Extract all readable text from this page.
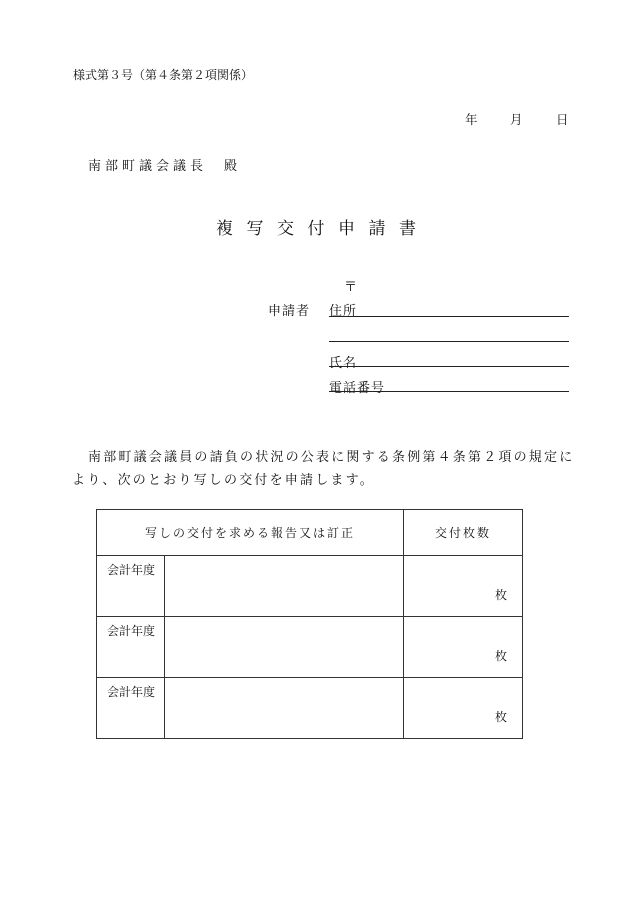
様式第３号（第４条第２項関係）
年	月	日
南部町議会議長　殿
複写交付申請書
〒
申請者 住所
氏名
電話番号
南部町議会議員の請負の状況の公表に関する条例第４条第２項の規定に
より、次のとおり写しの交付を申請します。
写しの交付を求める報告又は訂正		交付枚数
会計年度		枚
会計年度		枚
会計年度		枚
